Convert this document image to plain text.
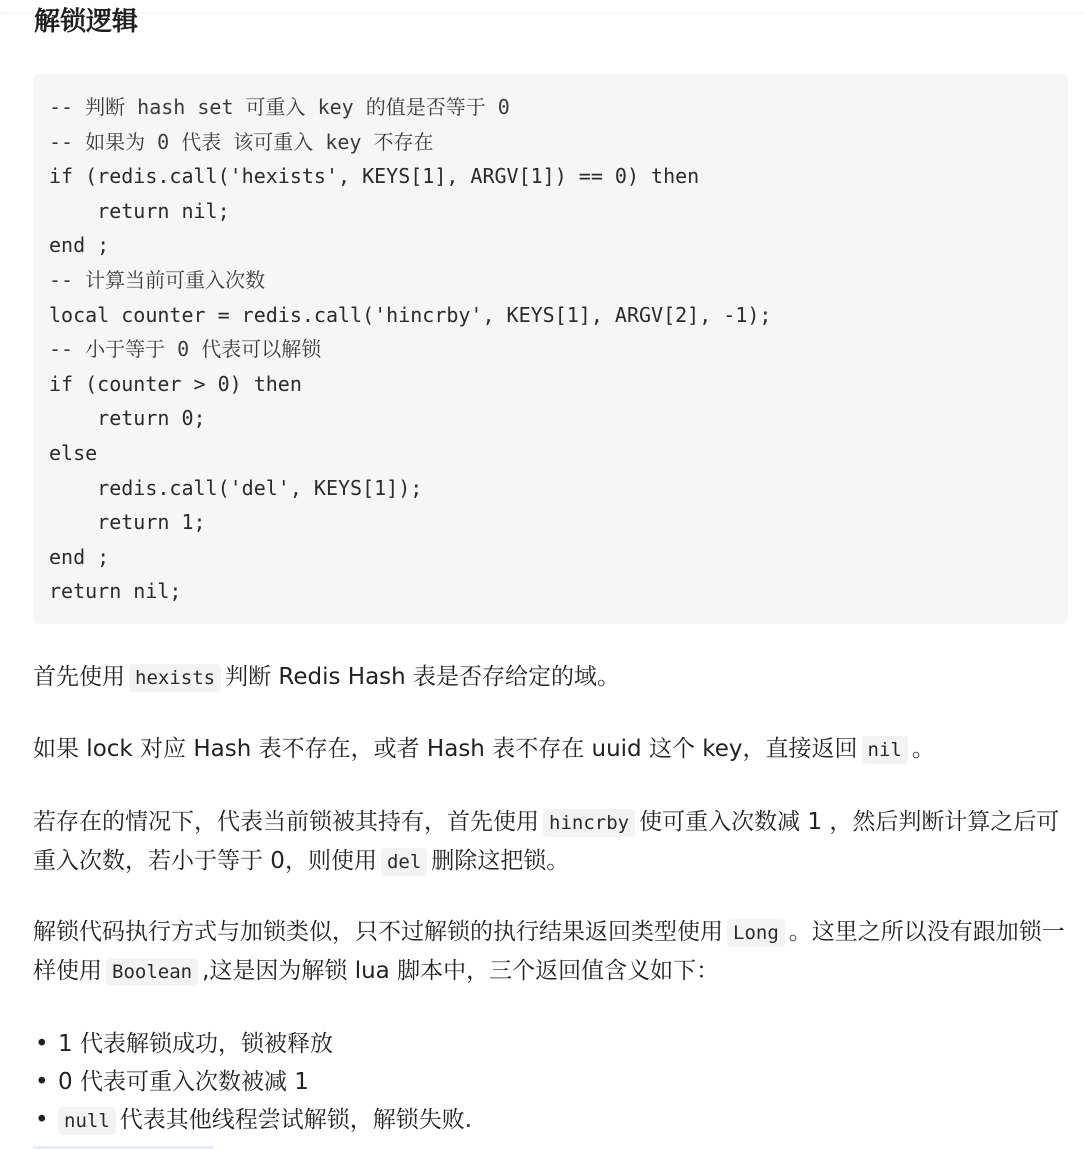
解锁逻辑
-- 判断 hash set 可重入 key 的值是否等于 0
-- 如果为 0 代表 该可重入 key 不存在
if (redis.call('hexists', KEYS[1], ARGV[1]) == 0) then
return nil;
end ;
-- 计算当前可重入次数
local counter = redis.call('hincrby', KEYS[1], ARGV[2], -1);
-- 小于等于 0 代表可以解锁
if (counter > 0) then
return 0;
else
redis.call('del', KEYS[1]);
return 1;
end ;
return nil;

首先使用 hexists 判断 Redis Hash 表是否存给定的域。

如果 lock 对应 Hash 表不存在，或者 Hash 表不存在 uuid 这个 key，直接返回 nil 。

若存在的情况下，代表当前锁被其持有，首先使用 hincrby 使可重入次数减 1 ，然后判断计算之后可重入次数，若小于等于 0，则使用 del 删除这把锁。

解锁代码执行方式与加锁类似，只不过解锁的执行结果返回类型使用 Long 。这里之所以没有跟加锁一样使用 Boolean ,这是因为解锁 lua 脚本中，三个返回值含义如下：

• 1 代表解锁成功，锁被释放
• 0 代表可重入次数被减 1
• null 代表其他线程尝试解锁，解锁失败.
